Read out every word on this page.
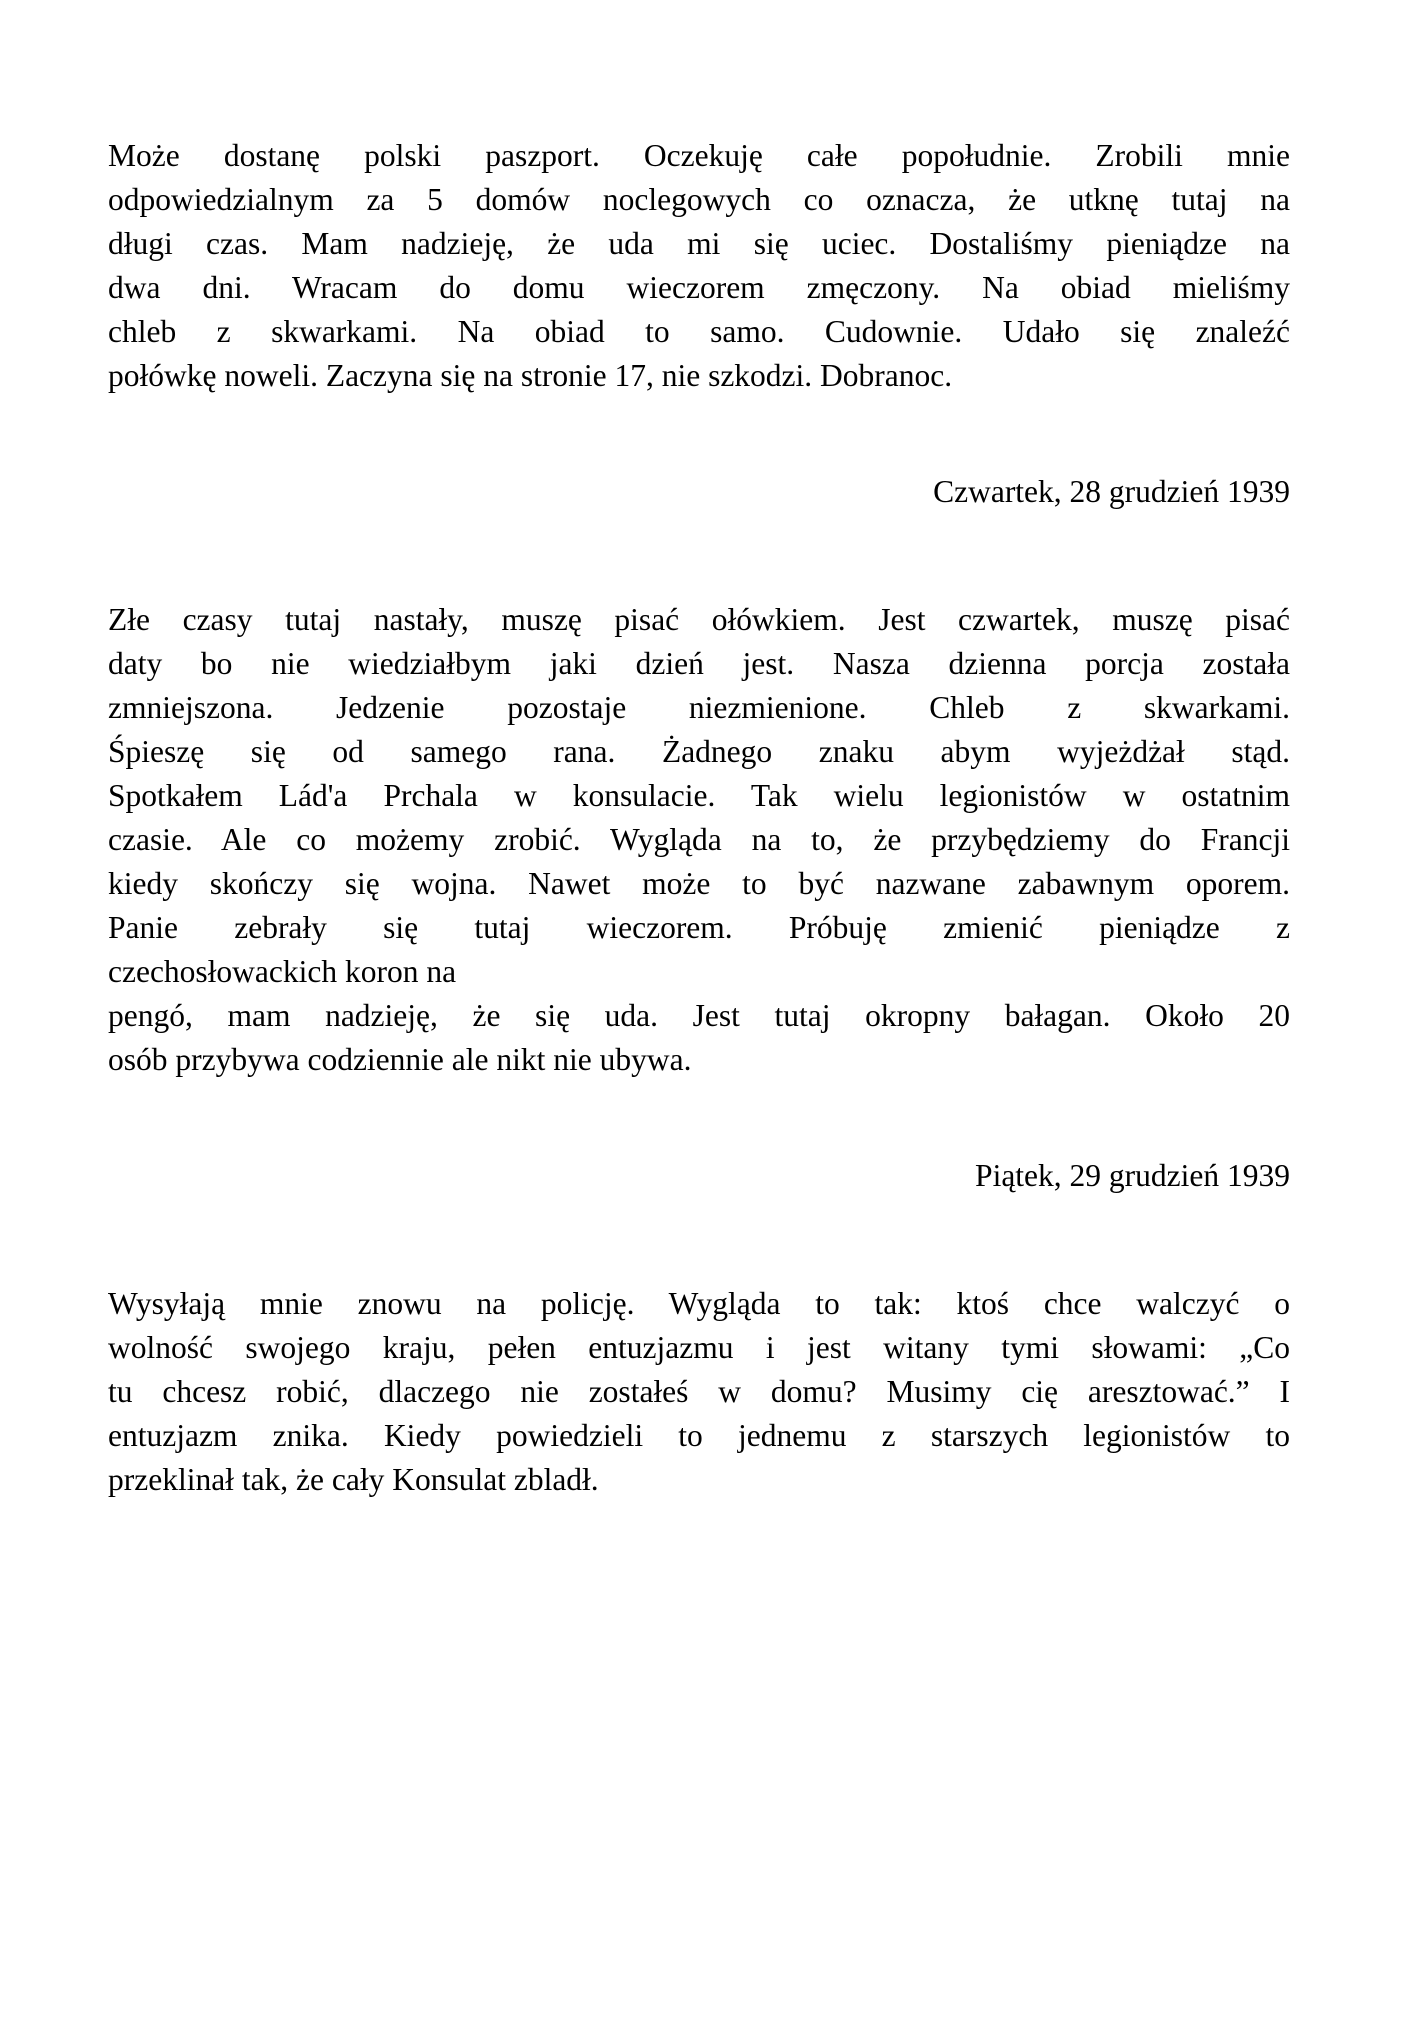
Może dostanę polski paszport. Oczekuję całe popołudnie. Zrobili mnie
odpowiedzialnym za 5 domów noclegowych co oznacza, że utknę tutaj na
długi czas. Mam nadzieję, że uda mi się uciec. Dostaliśmy pieniądze na
dwa dni. Wracam do domu wieczorem zmęczony. Na obiad mieliśmy
chleb z skwarkami. Na obiad to samo. Cudownie. Udało się znaleźć
połówkę noweli. Zaczyna się na stronie 17, nie szkodzi. Dobranoc.
Czwartek, 28 grudzień 1939
Złe czasy tutaj nastały, muszę pisać ołówkiem. Jest czwartek, muszę pisać
daty bo nie wiedziałbym jaki dzień jest. Nasza dzienna porcja została
zmniejszona. Jedzenie pozostaje niezmienione. Chleb z skwarkami.
Śpieszę się od samego rana. Żadnego znaku abym wyjeżdżał stąd.
Spotkałem Lád'a Prchala w konsulacie. Tak wielu legionistów w ostatnim
czasie. Ale co możemy zrobić. Wygląda na to, że przybędziemy do Francji
kiedy skończy się wojna. Nawet może to być nazwane zabawnym oporem.
Panie zebrały się tutaj wieczorem. Próbuję zmienić pieniądze z
czechosłowackich koron na
pengó, mam nadzieję, że się uda. Jest tutaj okropny bałagan. Około 20
osób przybywa codziennie ale nikt nie ubywa.
Piątek, 29 grudzień 1939
Wysyłają mnie znowu na policję. Wygląda to tak: ktoś chce walczyć o
wolność swojego kraju, pełen entuzjazmu i jest witany tymi słowami: „Co
tu chcesz robić, dlaczego nie zostałeś w domu? Musimy cię aresztować.” I
entuzjazm znika. Kiedy powiedzieli to jednemu z starszych legionistów to
przeklinał tak, że cały Konsulat zbladł.
